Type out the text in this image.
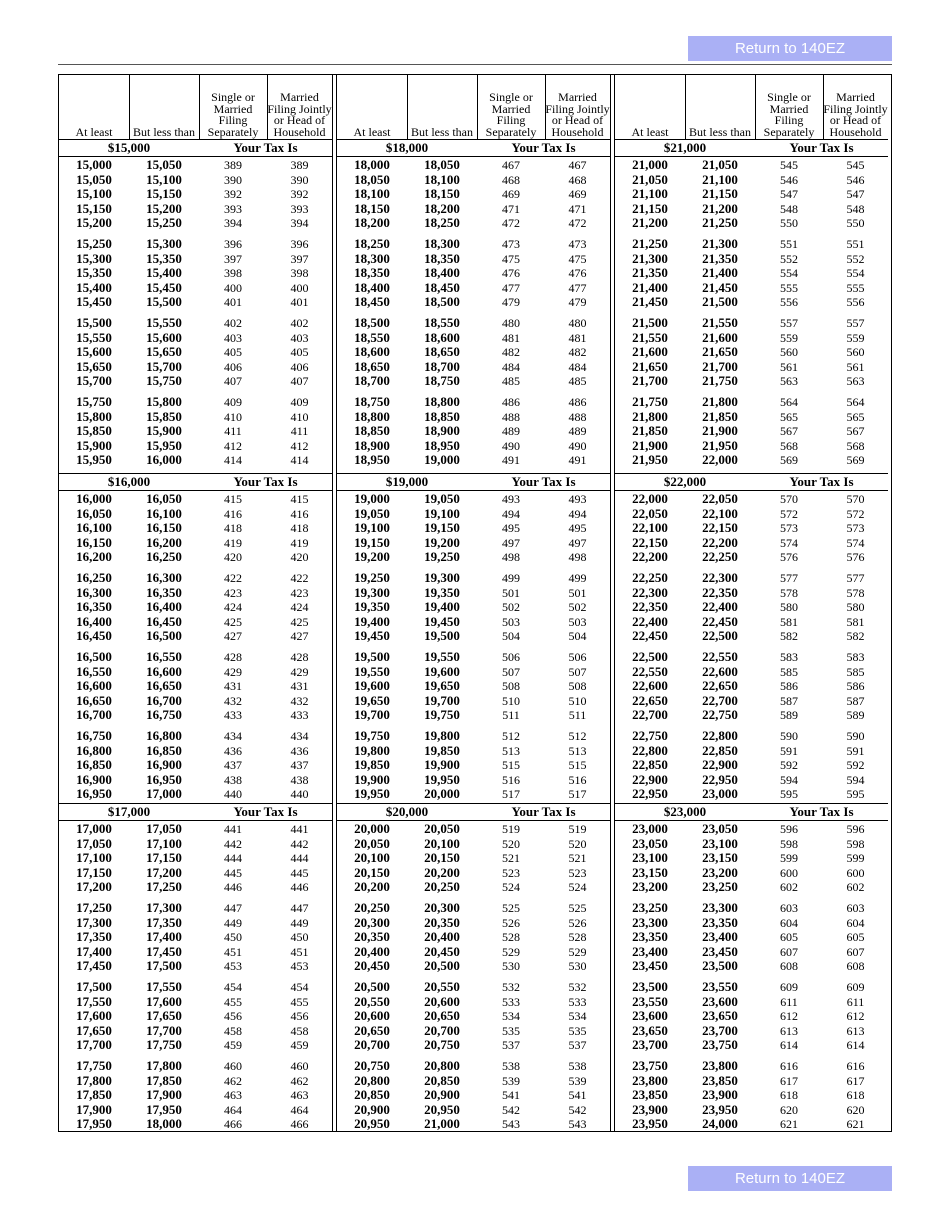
Return to 140EZ
At least	But less than
Single or Married Filing Separately
Married Filing Jointly or Head of Household
$15,000	Your Tax Is
15,000	15,050	389	389
15,050	15,100	390	390
15,100	15,150	392	392
15,150	15,200	393	393
15,200	15,250	394	394
15,250	15,300	396	396
15,300	15,350	397	397
15,350	15,400	398	398
15,400	15,450	400	400
15,450	15,500	401	401
15,500	15,550	402	402
15,550	15,600	403	403
15,600	15,650	405	405
15,650	15,700	406	406
15,700	15,750	407	407
15,750	15,800	409	409
15,800	15,850	410	410
15,850	15,900	411	411
15,900	15,950	412	412
15,950	16,000	414	414
$16,000	Your Tax Is
16,000	16,050	415	415
16,050	16,100	416	416
16,100	16,150	418	418
16,150	16,200	419	419
16,200	16,250	420	420
16,250	16,300	422	422
16,300	16,350	423	423
16,350	16,400	424	424
16,400	16,450	425	425
16,450	16,500	427	427
16,500	16,550	428	428
16,550	16,600	429	429
16,600	16,650	431	431
16,650	16,700	432	432
16,700	16,750	433	433
16,750	16,800	434	434
16,800	16,850	436	436
16,850	16,900	437	437
16,900	16,950	438	438
16,950	17,000	440	440
$17,000	Your Tax Is
17,000	17,050	441	441
17,050	17,100	442	442
17,100	17,150	444	444
17,150	17,200	445	445
17,200	17,250	446	446
17,250	17,300	447	447
17,300	17,350	449	449
17,350	17,400	450	450
17,400	17,450	451	451
17,450	17,500	453	453
17,500	17,550	454	454
17,550	17,600	455	455
17,600	17,650	456	456
17,650	17,700	458	458
17,700	17,750	459	459
17,750	17,800	460	460
17,800	17,850	462	462
17,850	17,900	463	463
17,900	17,950	464	464
17,950	18,000	466	466
At least	But less than
Single or Married Filing Separately
Married Filing Jointly or Head of Household
$18,000	Your Tax Is
18,000	18,050	467	467
18,050	18,100	468	468
18,100	18,150	469	469
18,150	18,200	471	471
18,200	18,250	472	472
18,250	18,300	473	473
18,300	18,350	475	475
18,350	18,400	476	476
18,400	18,450	477	477
18,450	18,500	479	479
18,500	18,550	480	480
18,550	18,600	481	481
18,600	18,650	482	482
18,650	18,700	484	484
18,700	18,750	485	485
18,750	18,800	486	486
18,800	18,850	488	488
18,850	18,900	489	489
18,900	18,950	490	490
18,950	19,000	491	491
$19,000	Your Tax Is
19,000	19,050	493	493
19,050	19,100	494	494
19,100	19,150	495	495
19,150	19,200	497	497
19,200	19,250	498	498
19,250	19,300	499	499
19,300	19,350	501	501
19,350	19,400	502	502
19,400	19,450	503	503
19,450	19,500	504	504
19,500	19,550	506	506
19,550	19,600	507	507
19,600	19,650	508	508
19,650	19,700	510	510
19,700	19,750	511	511
19,750	19,800	512	512
19,800	19,850	513	513
19,850	19,900	515	515
19,900	19,950	516	516
19,950	20,000	517	517
$20,000	Your Tax Is
20,000	20,050	519	519
20,050	20,100	520	520
20,100	20,150	521	521
20,150	20,200	523	523
20,200	20,250	524	524
20,250	20,300	525	525
20,300	20,350	526	526
20,350	20,400	528	528
20,400	20,450	529	529
20,450	20,500	530	530
20,500	20,550	532	532
20,550	20,600	533	533
20,600	20,650	534	534
20,650	20,700	535	535
20,700	20,750	537	537
20,750	20,800	538	538
20,800	20,850	539	539
20,850	20,900	541	541
20,900	20,950	542	542
20,950	21,000	543	543
At least	But less than
Single or Married Filing Separately
Married Filing Jointly or Head of Household
$21,000	Your Tax Is
21,000	21,050	545	545
21,050	21,100	546	546
21,100	21,150	547	547
21,150	21,200	548	548
21,200	21,250	550	550
21,250	21,300	551	551
21,300	21,350	552	552
21,350	21,400	554	554
21,400	21,450	555	555
21,450	21,500	556	556
21,500	21,550	557	557
21,550	21,600	559	559
21,600	21,650	560	560
21,650	21,700	561	561
21,700	21,750	563	563
21,750	21,800	564	564
21,800	21,850	565	565
21,850	21,900	567	567
21,900	21,950	568	568
21,950	22,000	569	569
$22,000	Your Tax Is
22,000	22,050	570	570
22,050	22,100	572	572
22,100	22,150	573	573
22,150	22,200	574	574
22,200	22,250	576	576
22,250	22,300	577	577
22,300	22,350	578	578
22,350	22,400	580	580
22,400	22,450	581	581
22,450	22,500	582	582
22,500	22,550	583	583
22,550	22,600	585	585
22,600	22,650	586	586
22,650	22,700	587	587
22,700	22,750	589	589
22,750	22,800	590	590
22,800	22,850	591	591
22,850	22,900	592	592
22,900	22,950	594	594
22,950	23,000	595	595
$23,000	Your Tax Is
23,000	23,050	596	596
23,050	23,100	598	598
23,100	23,150	599	599
23,150	23,200	600	600
23,200	23,250	602	602
23,250	23,300	603	603
23,300	23,350	604	604
23,350	23,400	605	605
23,400	23,450	607	607
23,450	23,500	608	608
23,500	23,550	609	609
23,550	23,600	611	611
23,600	23,650	612	612
23,650	23,700	613	613
23,700	23,750	614	614
23,750	23,800	616	616
23,800	23,850	617	617
23,850	23,900	618	618
23,900	23,950	620	620
23,950	24,000	621	621
Return to 140EZ
